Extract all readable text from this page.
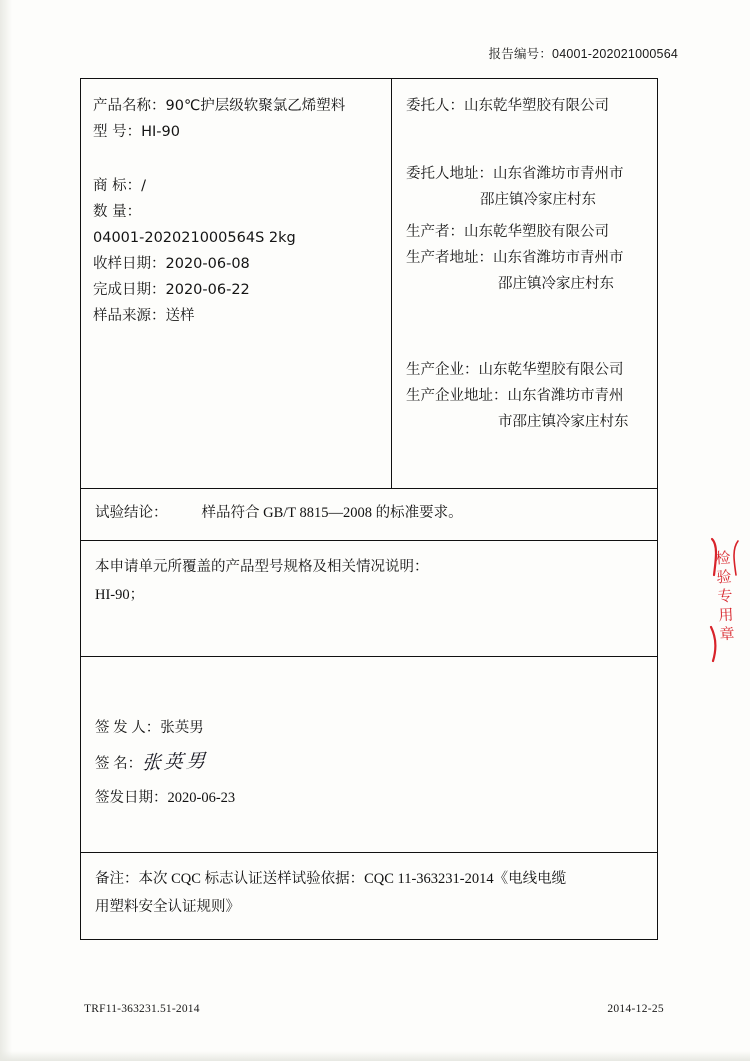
报告编号：04001-202021000564
产品名称：90℃护层级软聚氯乙烯塑料
型 号：HI-90
商 标：/
数 量：
04001-202021000564S 2kg
收样日期：2020-06-08
完成日期：2020-06-22
样品来源：送样
委托人：山东乾华塑胶有限公司
委托人地址：山东省潍坊市青州市
邵庄镇冷家庄村东
生产者：山东乾华塑胶有限公司
生产者地址：山东省潍坊市青州市
邵庄镇冷家庄村东
生产企业：山东乾华塑胶有限公司
生产企业地址：山东省潍坊市青州
市邵庄镇冷家庄村东
试验结论： 样品符合 GB/T 8815—2008 的标准要求。
本申请单元所覆盖的产品型号规格及相关情况说明：
HI-90；
签 发 人：张英男
签 名：张英男
签发日期：2020-06-23
备注：本次 CQC 标志认证送样试验依据：CQC 11-363231-2014《电线电缆
用塑料安全认证规则》
检验专用章
TRF11-363231.51-2014	2014-12-25
